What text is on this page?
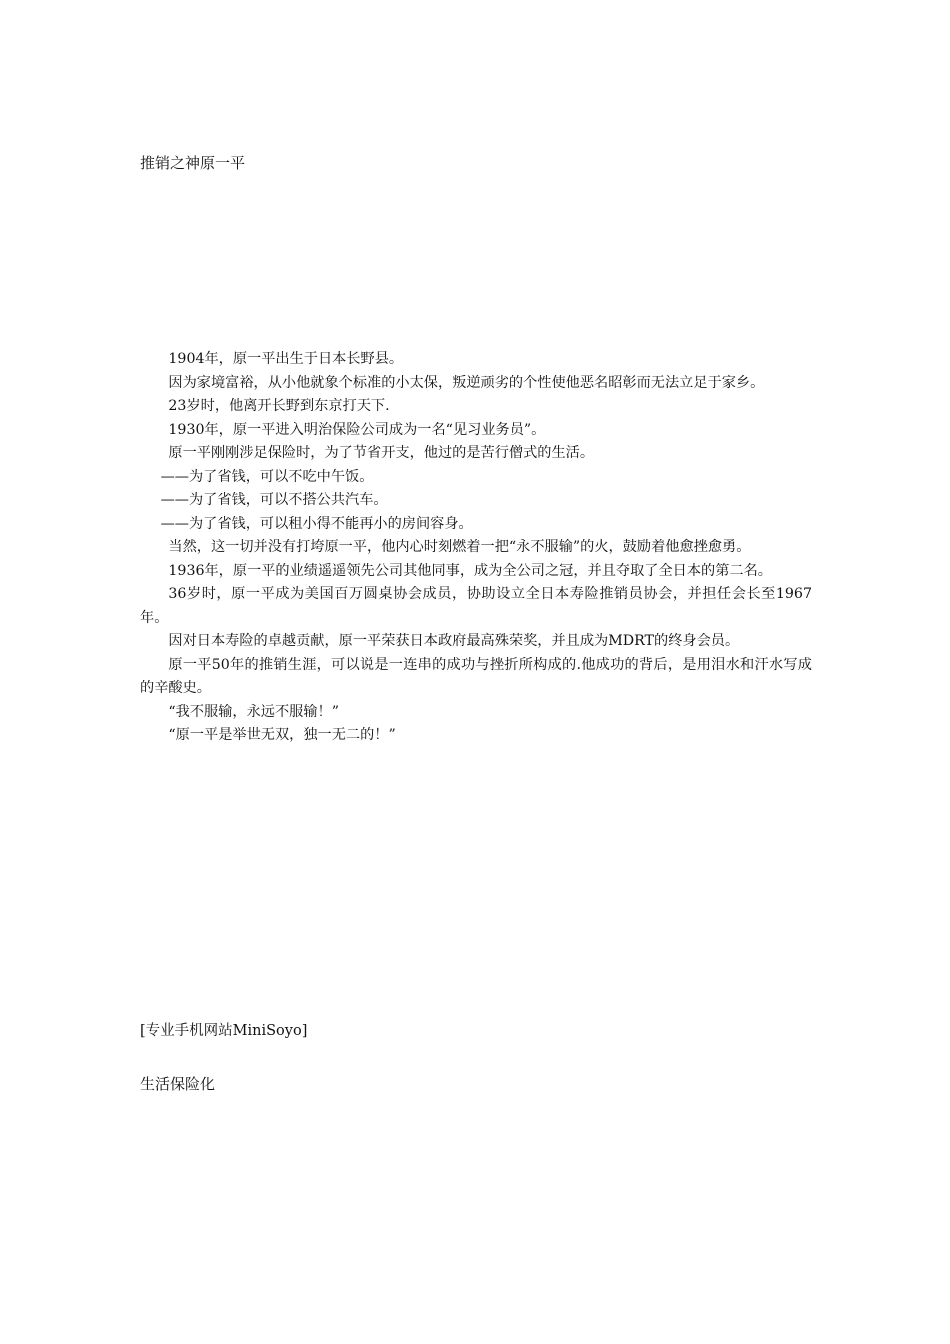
推销之神原一平

1904年，原一平出生于日本长野县。

因为家境富裕，从小他就象个标准的小太保，叛逆顽劣的个性使他恶名昭彰而无法立足于家乡。

23岁时，他离开长野到东京打天下.

1930年，原一平进入明治保险公司成为一名“见习业务员”。

原一平刚刚涉足保险时，为了节省开支，他过的是苦行僧式的生活。

——为了省钱，可以不吃中午饭。

——为了省钱，可以不搭公共汽车。

——为了省钱，可以租小得不能再小的房间容身。

当然，这一切并没有打垮原一平，他内心时刻燃着一把“永不服输”的火，鼓励着他愈挫愈勇。

1936年，原一平的业绩遥遥领先公司其他同事，成为全公司之冠，并且夺取了全日本的第二名。

36岁时，原一平成为美国百万圆桌协会成员，协助设立全日本寿险推销员协会，并担任会长至1967年。

因对日本寿险的卓越贡献，原一平荣获日本政府最高殊荣奖，并且成为MDRT的终身会员。

原一平50年的推销生涯，可以说是一连串的成功与挫折所构成的.他成功的背后，是用泪水和汗水写成的辛酸史。

“我不服输，永远不服输！”

“原一平是举世无双，独一无二的！”

[专业手机网站MiniSoyo]
生活保险化
